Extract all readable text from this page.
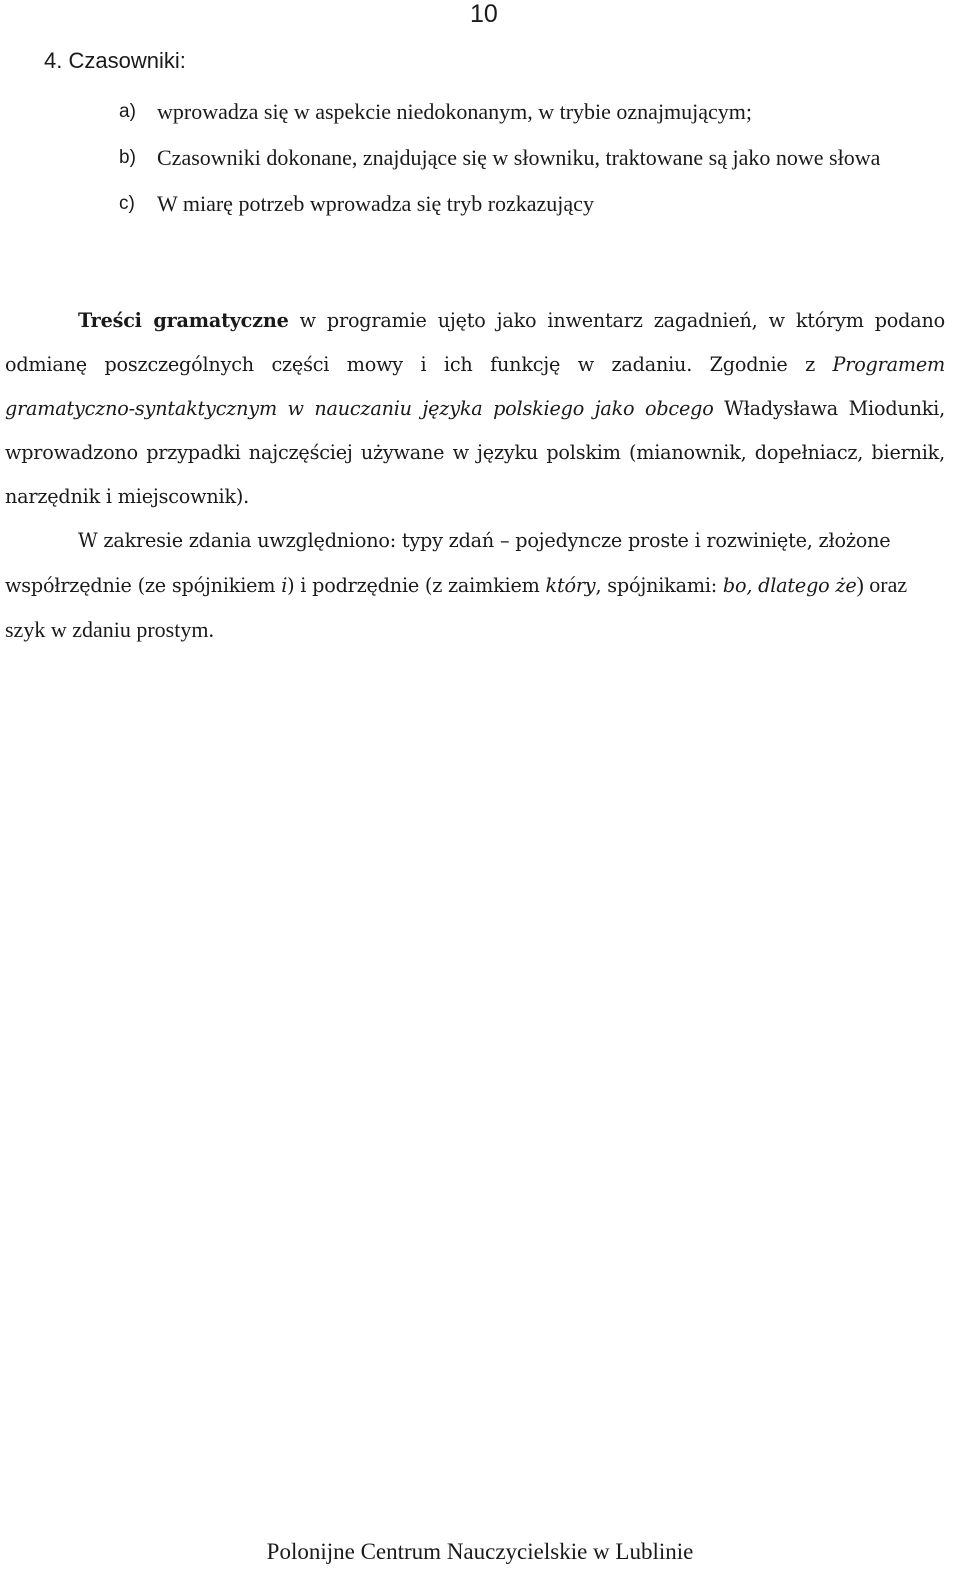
10
4. Czasowniki:
a) wprowadza się w aspekcie niedokonanym, w trybie oznajmującym;
b) Czasowniki dokonane, znajdujące się w słowniku, traktowane są jako nowe słowa
c)	W miarę potrzeb wprowadza się tryb rozkazujący

Treści gramatyczne w programie ujęto jako inwentarz zagadnień, w którym podano odmianę poszczególnych części mowy i ich funkcję w zadaniu. Zgodnie z Programem gramatyczno-syntaktycznym w nauczaniu języka polskiego jako obcego Władysława Miodunki, wprowadzono przypadki najczęściej używane w języku polskim (mianownik, dopełniacz, biernik, narzędnik i miejscownik).

W zakresie zdania uwzględniono: typy zdań – pojedyncze proste i rozwinięte, złożone współrzędnie (ze spójnikiem i) i podrzędnie (z zaimkiem który, spójnikami: bo, dlatego że) oraz szyk w zdaniu prostym.

Polonijne Centrum Nauczycielskie w Lublinie
